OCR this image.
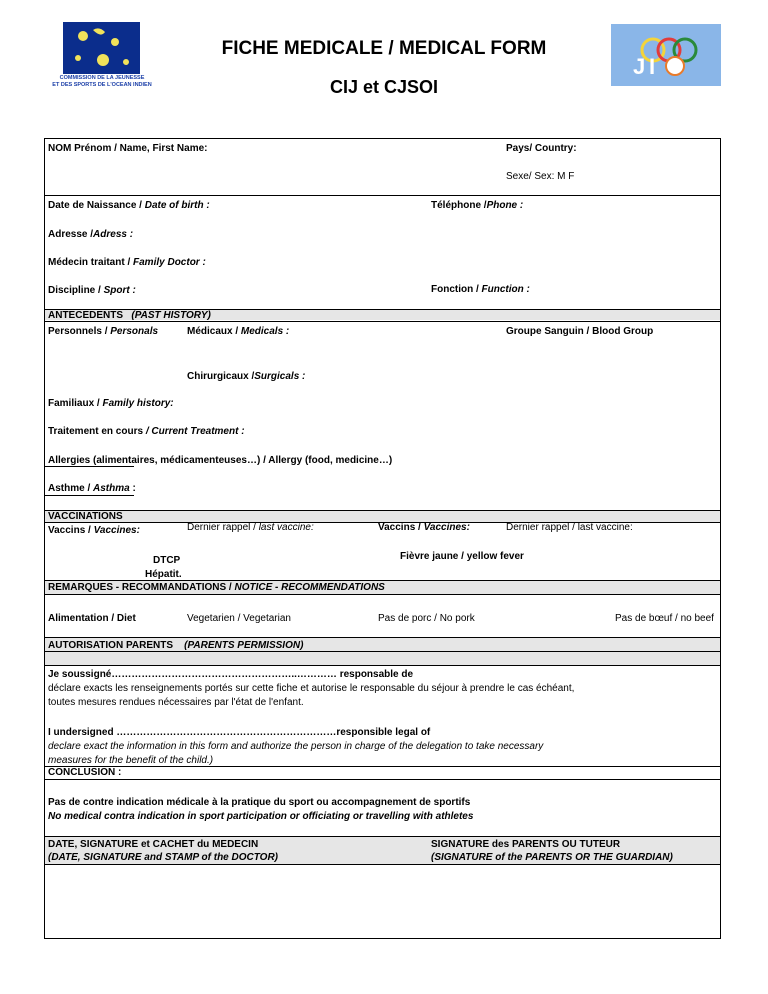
COMMISSION DE LA JEUNESSE
ET DES SPORTS DE L'OCEAN INDIEN
J I
FICHE MEDICALE / MEDICAL FORM
CIJ et CJSOI
NOM Prénom / Name, First Name:	Pays/ Country:
Sexe/ Sex: M F
Date de Naissance / Date of birth :	Téléphone /Phone :
Adresse /Adress :
Médecin traitant / Family Doctor :
Discipline / Sport :	Fonction / Function :
ANTECEDENTS (PAST HISTORY)
Personnels / Personals	Médicaux / Medicals :	Groupe Sanguin / Blood Group
Chirurgicaux /Surgicals :
Familiaux / Family history:
Traitement en cours / Current Treatment :
Allergies (alimentaires, médicamenteuses…) / Allergy (food, medicine…)
Asthme / Asthma :
VACCINATIONS
Vaccins / Vaccines:	Dernier rappel / last vaccine:	Vaccins / Vaccines:	Dernier rappel / last vaccine:
Fièvre jaune / yellow fever
DTCP
Hépatit.
REMARQUES - RECOMMANDATIONS / NOTICE - RECOMMENDATIONS
Alimentation / Diet	Vegetarien / Vegetarian	Pas de porc / No pork	Pas de bœuf / no beef
AUTORISATION PARENTS (PARENTS PERMISSION)
Je soussigné………………………………………………..………… responsable de
déclare exacts les renseignements portés sur cette fiche et autorise le responsable du séjour à prendre le cas échéant,
toutes mesures rendues nécessaires par l'état de l'enfant.
I undersigned …………………………………………………………responsible legal of
declare exact the information in this form and authorize the person in charge of the delegation to take necessary
measures for the benefit of the child.)
CONCLUSION :
Pas de contre indication médicale à la pratique du sport ou accompagnement de sportifs
No medical contra indication in sport participation or officiating or travelling with athletes
DATE, SIGNATURE et CACHET du MEDECIN
(DATE, SIGNATURE and STAMP of the DOCTOR)
SIGNATURE des PARENTS OU TUTEUR
(SIGNATURE of the PARENTS OR THE GUARDIAN)
